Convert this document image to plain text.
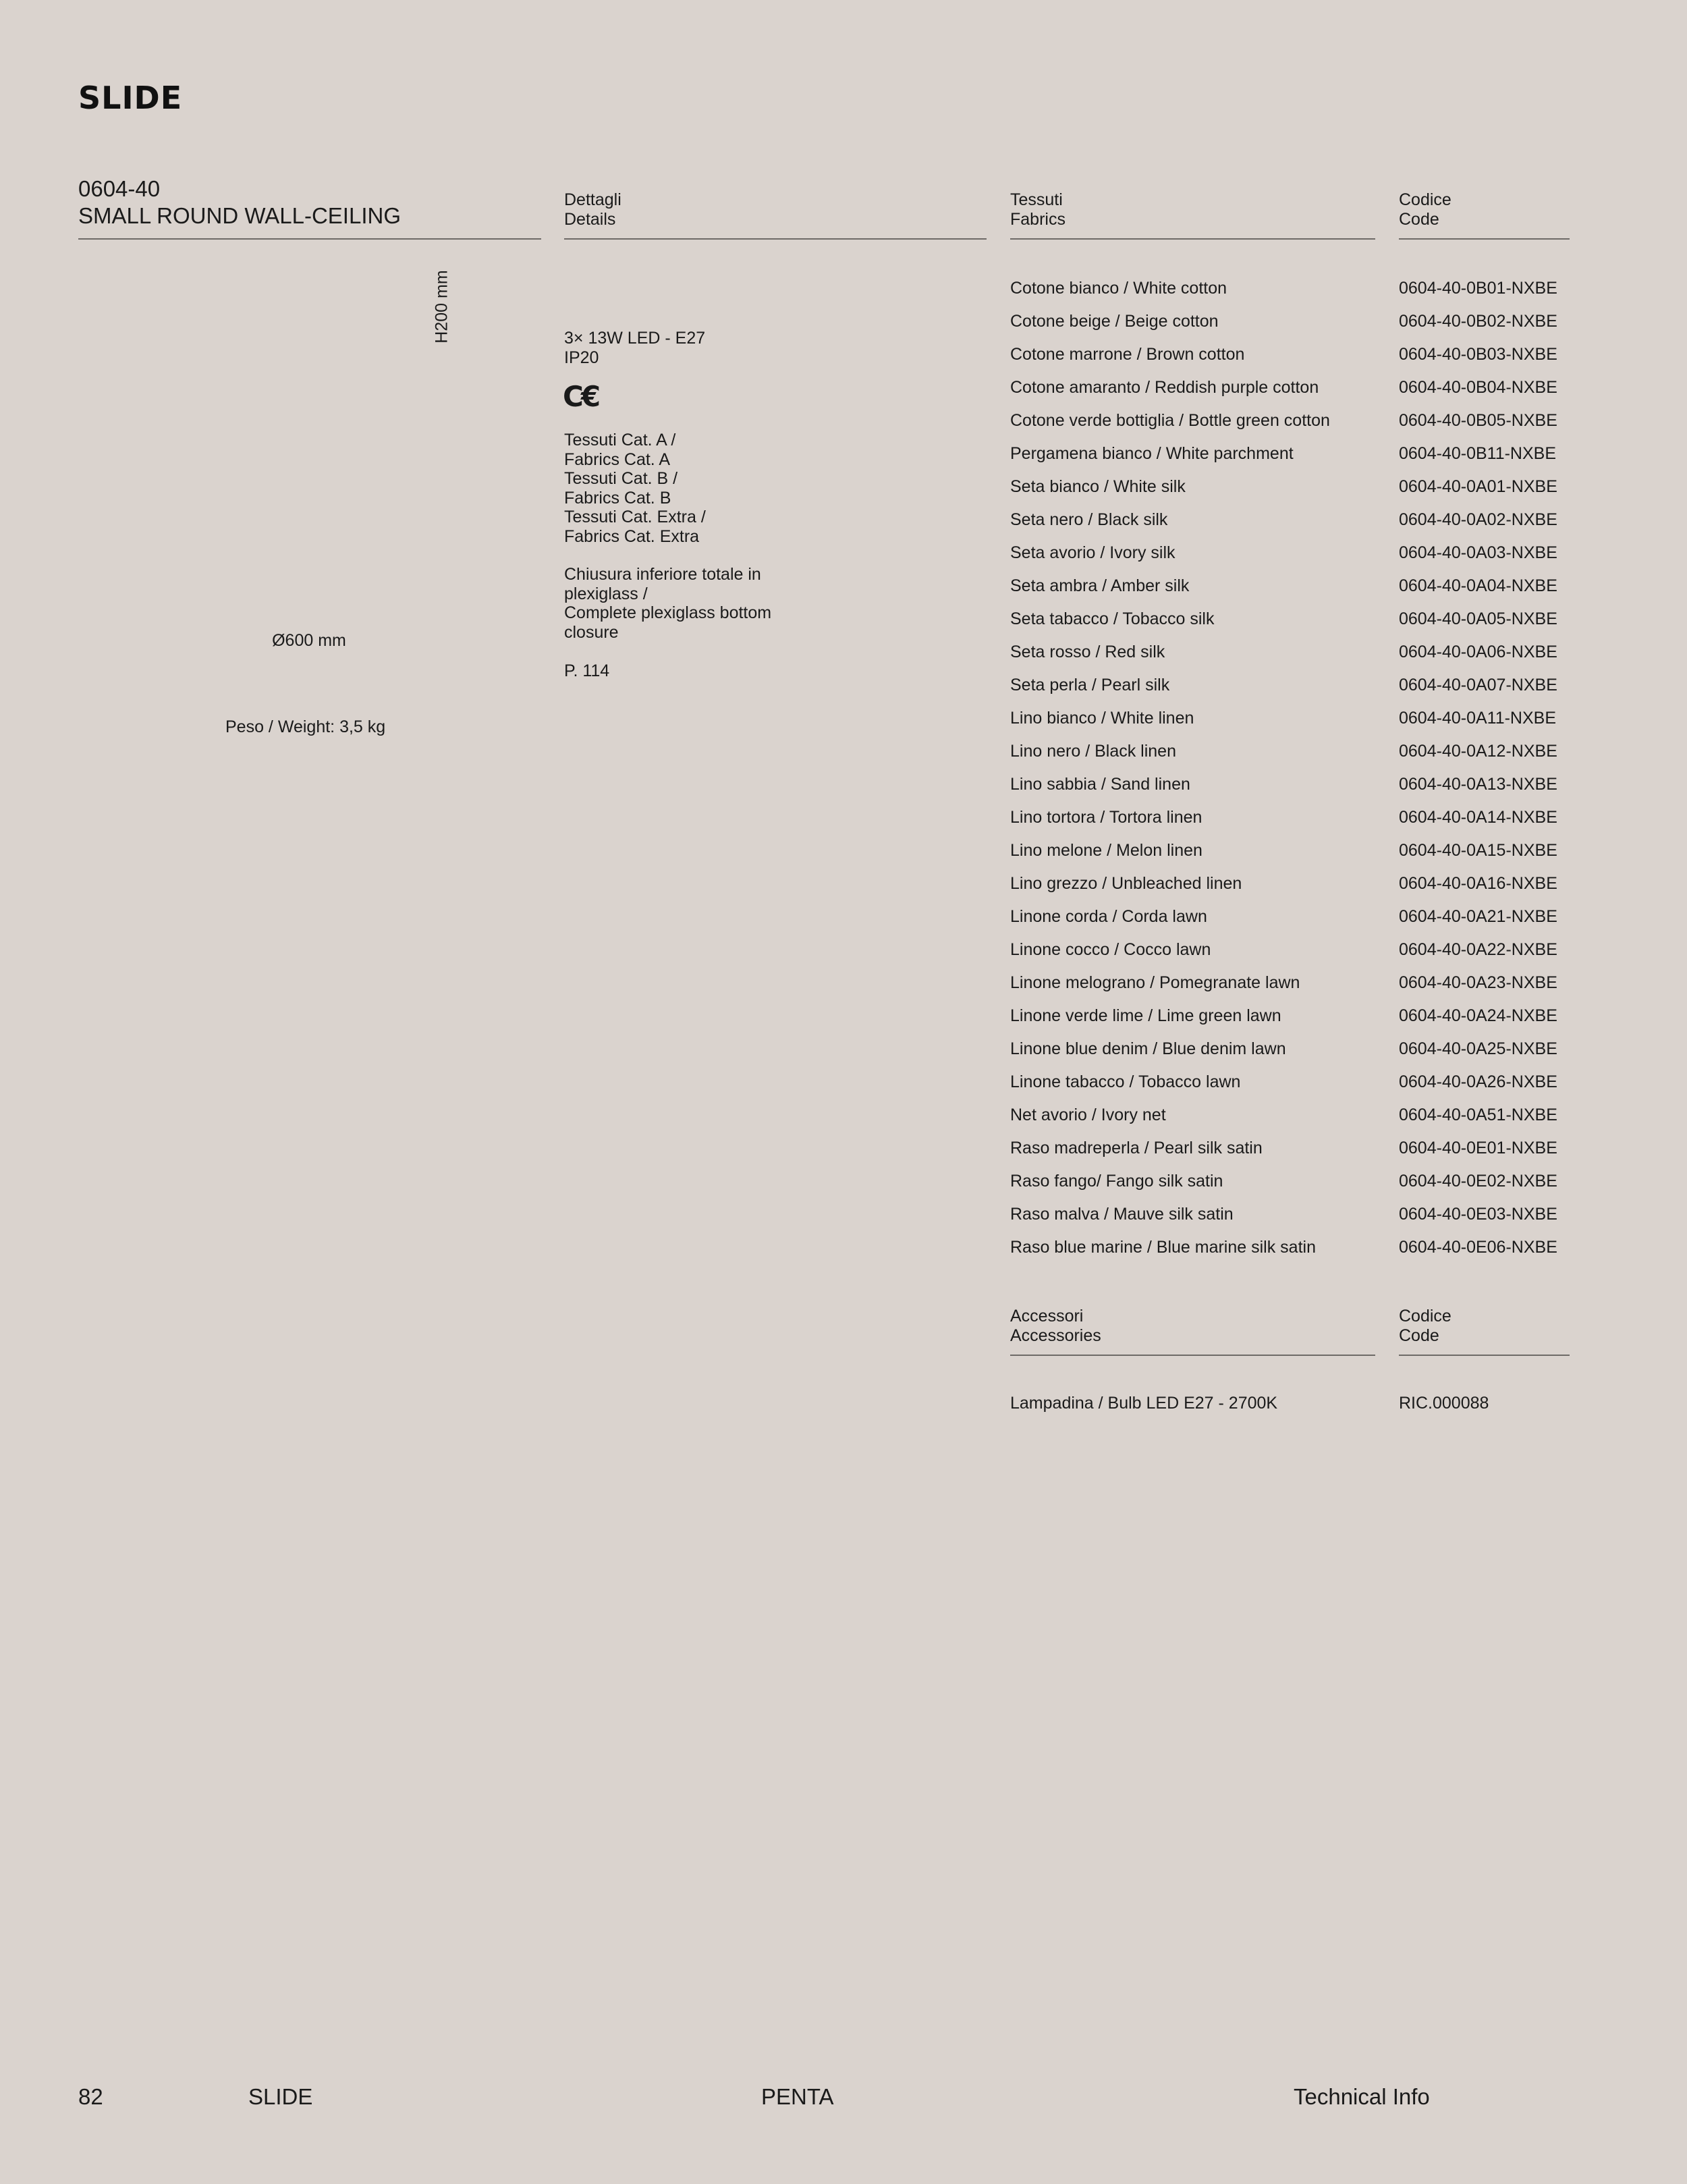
SLIDE
0604-40
SMALL ROUND WALL-CEILING
H200 mm
Ø600 mm
Peso / Weight: 3,5 kg
Dettagli
Details
3× 13W LED - E27
IP20
C€
Tessuti Cat. A /
Fabrics Cat. A
Tessuti Cat. B /
Fabrics Cat. B
Tessuti Cat. Extra /
Fabrics Cat. Extra
Chiusura inferiore totale in
plexiglass /
Complete plexiglass bottom
closure
P. 114
Tessuti
Fabrics
Codice
Code
Cotone bianco / White cotton	0604-40-0B01-NXBE
Cotone beige / Beige cotton	0604-40-0B02-NXBE
Cotone marrone / Brown cotton	0604-40-0B03-NXBE
Cotone amaranto / Reddish purple cotton	0604-40-0B04-NXBE
Cotone verde bottiglia / Bottle green cotton	0604-40-0B05-NXBE
Pergamena bianco / White parchment	0604-40-0B11-NXBE
Seta bianco / White silk	0604-40-0A01-NXBE
Seta nero / Black silk	0604-40-0A02-NXBE
Seta avorio / Ivory silk	0604-40-0A03-NXBE
Seta ambra / Amber silk	0604-40-0A04-NXBE
Seta tabacco / Tobacco silk	0604-40-0A05-NXBE
Seta rosso / Red silk	0604-40-0A06-NXBE
Seta perla / Pearl silk	0604-40-0A07-NXBE
Lino bianco / White linen	0604-40-0A11-NXBE
Lino nero / Black linen	0604-40-0A12-NXBE
Lino sabbia / Sand linen	0604-40-0A13-NXBE
Lino tortora / Tortora linen	0604-40-0A14-NXBE
Lino melone / Melon linen	0604-40-0A15-NXBE
Lino grezzo / Unbleached linen	0604-40-0A16-NXBE
Linone corda / Corda lawn	0604-40-0A21-NXBE
Linone cocco / Cocco lawn	0604-40-0A22-NXBE
Linone melograno / Pomegranate lawn	0604-40-0A23-NXBE
Linone verde lime / Lime green lawn	0604-40-0A24-NXBE
Linone blue denim / Blue denim lawn	0604-40-0A25-NXBE
Linone tabacco / Tobacco lawn	0604-40-0A26-NXBE
Net avorio / Ivory net	0604-40-0A51-NXBE
Raso madreperla / Pearl silk satin	0604-40-0E01-NXBE
Raso fango/ Fango silk satin	0604-40-0E02-NXBE
Raso malva / Mauve silk satin	0604-40-0E03-NXBE
Raso blue marine / Blue marine silk satin	0604-40-0E06-NXBE
Accessori
Accessories
Codice
Code
Lampadina / Bulb LED E27 - 2700K	RIC.000088
82	SLIDE	PENTA	Technical Info
